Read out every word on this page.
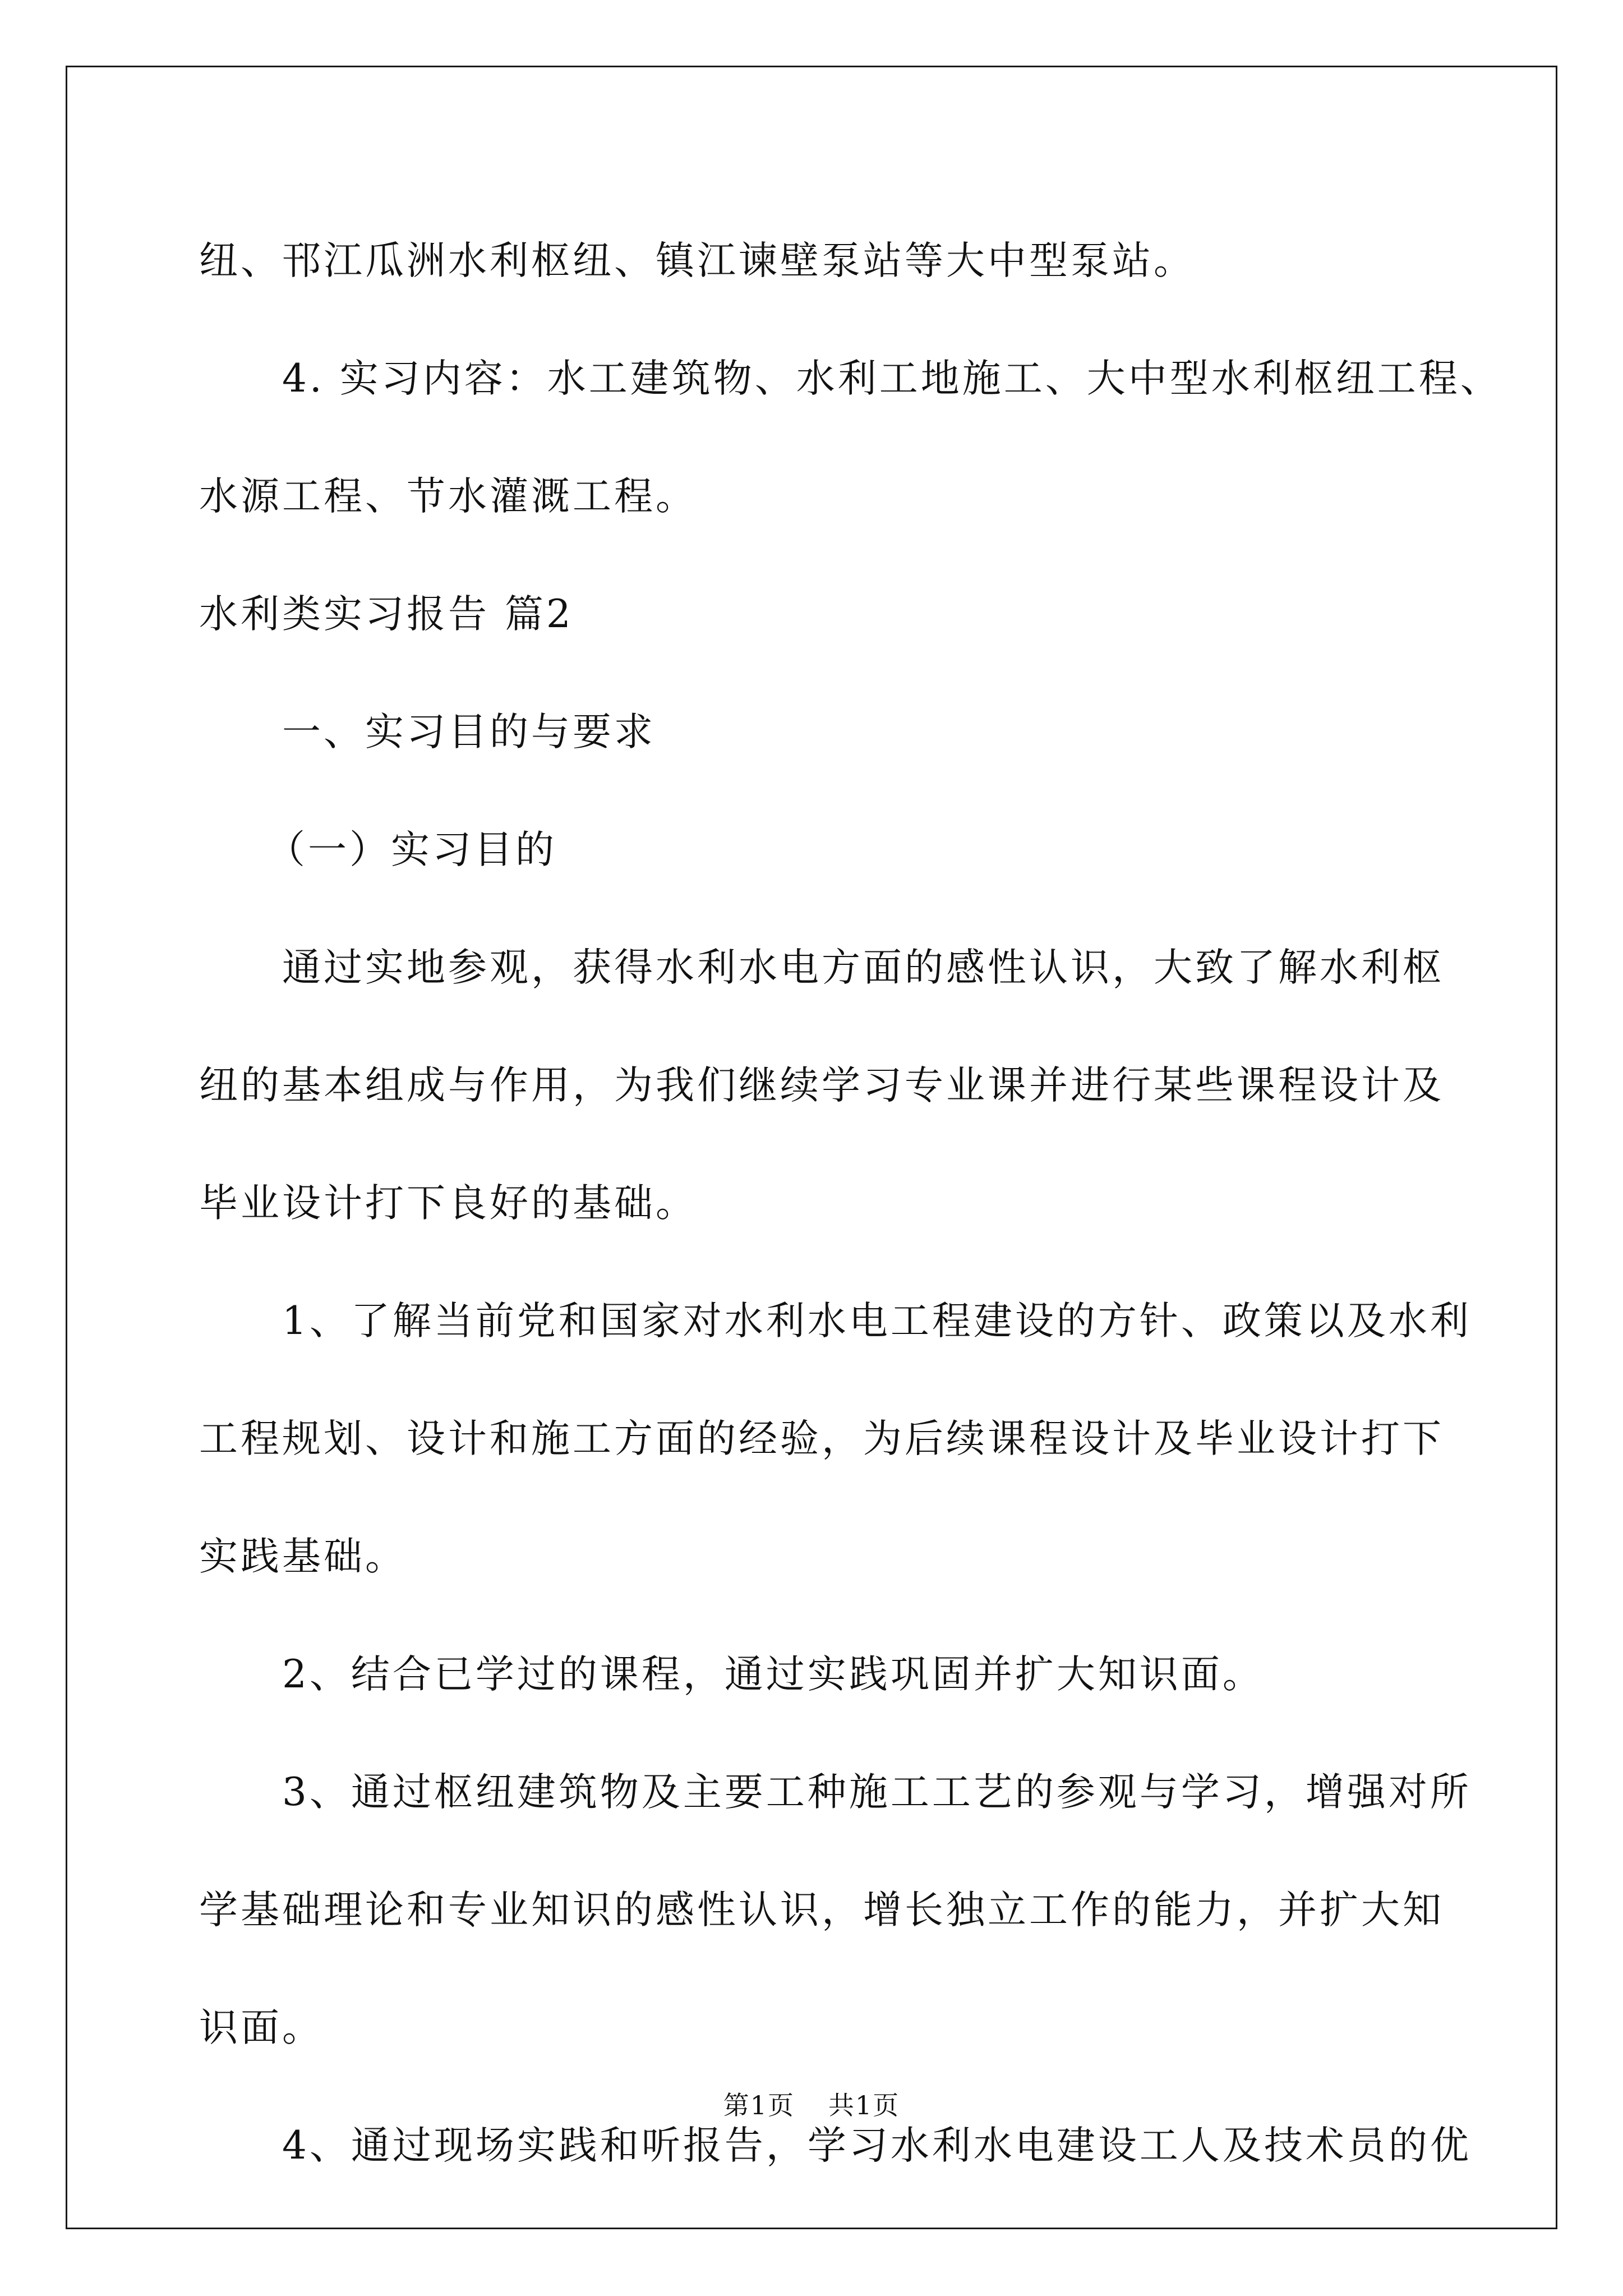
纽、邗江瓜洲水利枢纽、镇江谏壁泵站等大中型泵站。

4. 实习内容：水工建筑物、水利工地施工、大中型水利枢纽工程、

水源工程、节水灌溉工程。

水利类实习报告 篇2

一、实习目的与要求

（一）实习目的

通过实地参观，获得水利水电方面的感性认识，大致了解水利枢

纽的基本组成与作用，为我们继续学习专业课并进行某些课程设计及

毕业设计打下良好的基础。

1、了解当前党和国家对水利水电工程建设的方针、政策以及水利

工程规划、设计和施工方面的经验，为后续课程设计及毕业设计打下

实践基础。

2、结合已学过的课程，通过实践巩固并扩大知识面。

3、通过枢纽建筑物及主要工种施工工艺的参观与学习，增强对所

学基础理论和专业知识的感性认识，增长独立工作的能力，并扩大知

识面。

4、通过现场实践和听报告，学习水利水电建设工人及技术员的优

第1页 共1页
